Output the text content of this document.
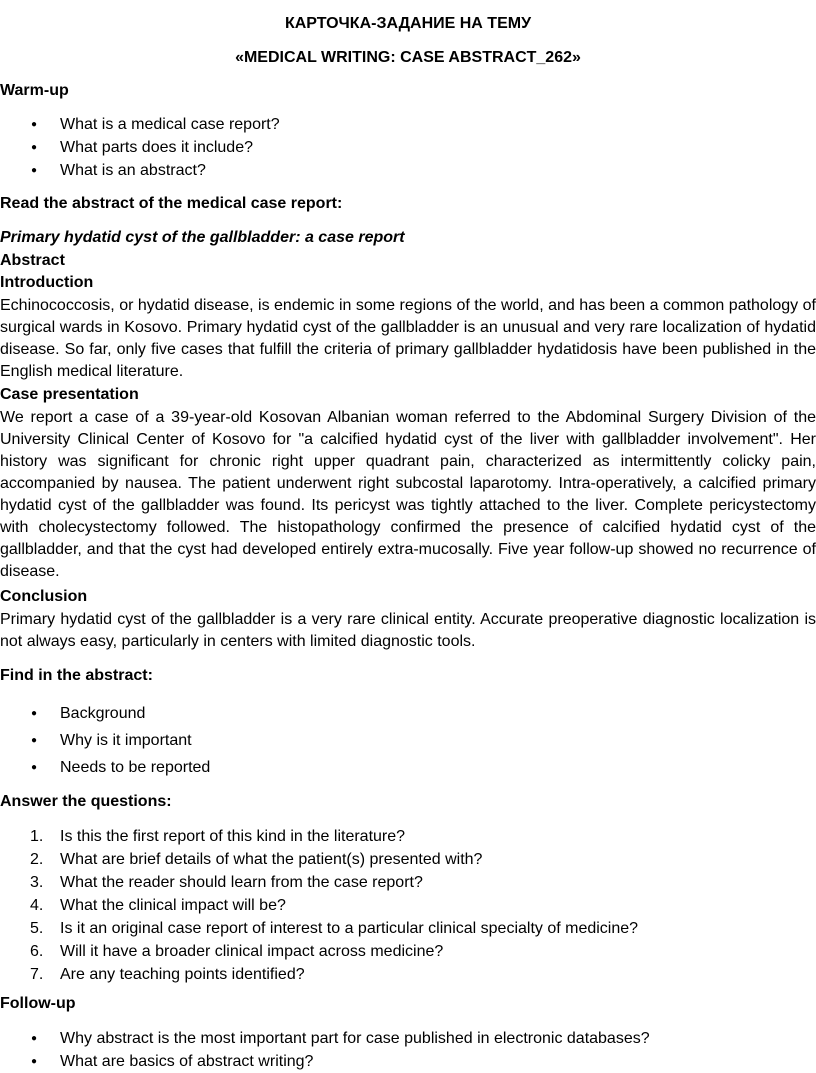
КАРТОЧКА-ЗАДАНИЕ НА ТЕМУ
«MEDICAL WRITING: CASE ABSTRACT_262»
Warm-up
● What is a medical case report?
● What parts does it include?
● What is an abstract?
Read the abstract of the medical case report:
Primary hydatid cyst of the gallbladder: a case report
Abstract
Introduction
Echinococcosis, or hydatid disease, is endemic in some regions of the world, and has been a common pathology of surgical wards in Kosovo. Primary hydatid cyst of the gallbladder is an unusual and very rare localization of hydatid disease. So far, only five cases that fulfill the criteria of primary gallbladder hydatidosis have been published in the English medical literature.
Case presentation
We report a case of a 39-year-old Kosovan Albanian woman referred to the Abdominal Surgery Division of the University Clinical Center of Kosovo for "a calcified hydatid cyst of the liver with gallbladder involvement". Her history was significant for chronic right upper quadrant pain, characterized as intermittently colicky pain, accompanied by nausea. The patient underwent right subcostal laparotomy. Intra-operatively, a calcified primary hydatid cyst of the gallbladder was found. Its pericyst was tightly attached to the liver. Complete pericystectomy with cholecystectomy followed. The histopathology confirmed the presence of calcified hydatid cyst of the gallbladder, and that the cyst had developed entirely extra-mucosally. Five year follow-up showed no recurrence of disease.
Conclusion
Primary hydatid cyst of the gallbladder is a very rare clinical entity. Accurate preoperative diagnostic localization is not always easy, particularly in centers with limited diagnostic tools.
Find in the abstract:
● Background
● Why is it important
● Needs to be reported
Answer the questions:
1. Is this the first report of this kind in the literature?
2. What are brief details of what the patient(s) presented with?
3. What the reader should learn from the case report?
4. What the clinical impact will be?
5. Is it an original case report of interest to a particular clinical specialty of medicine?
6. Will it have a broader clinical impact across medicine?
7. Are any teaching points identified?
Follow-up
● Why abstract is the most important part for case published in electronic databases?
● What are basics of abstract writing?
